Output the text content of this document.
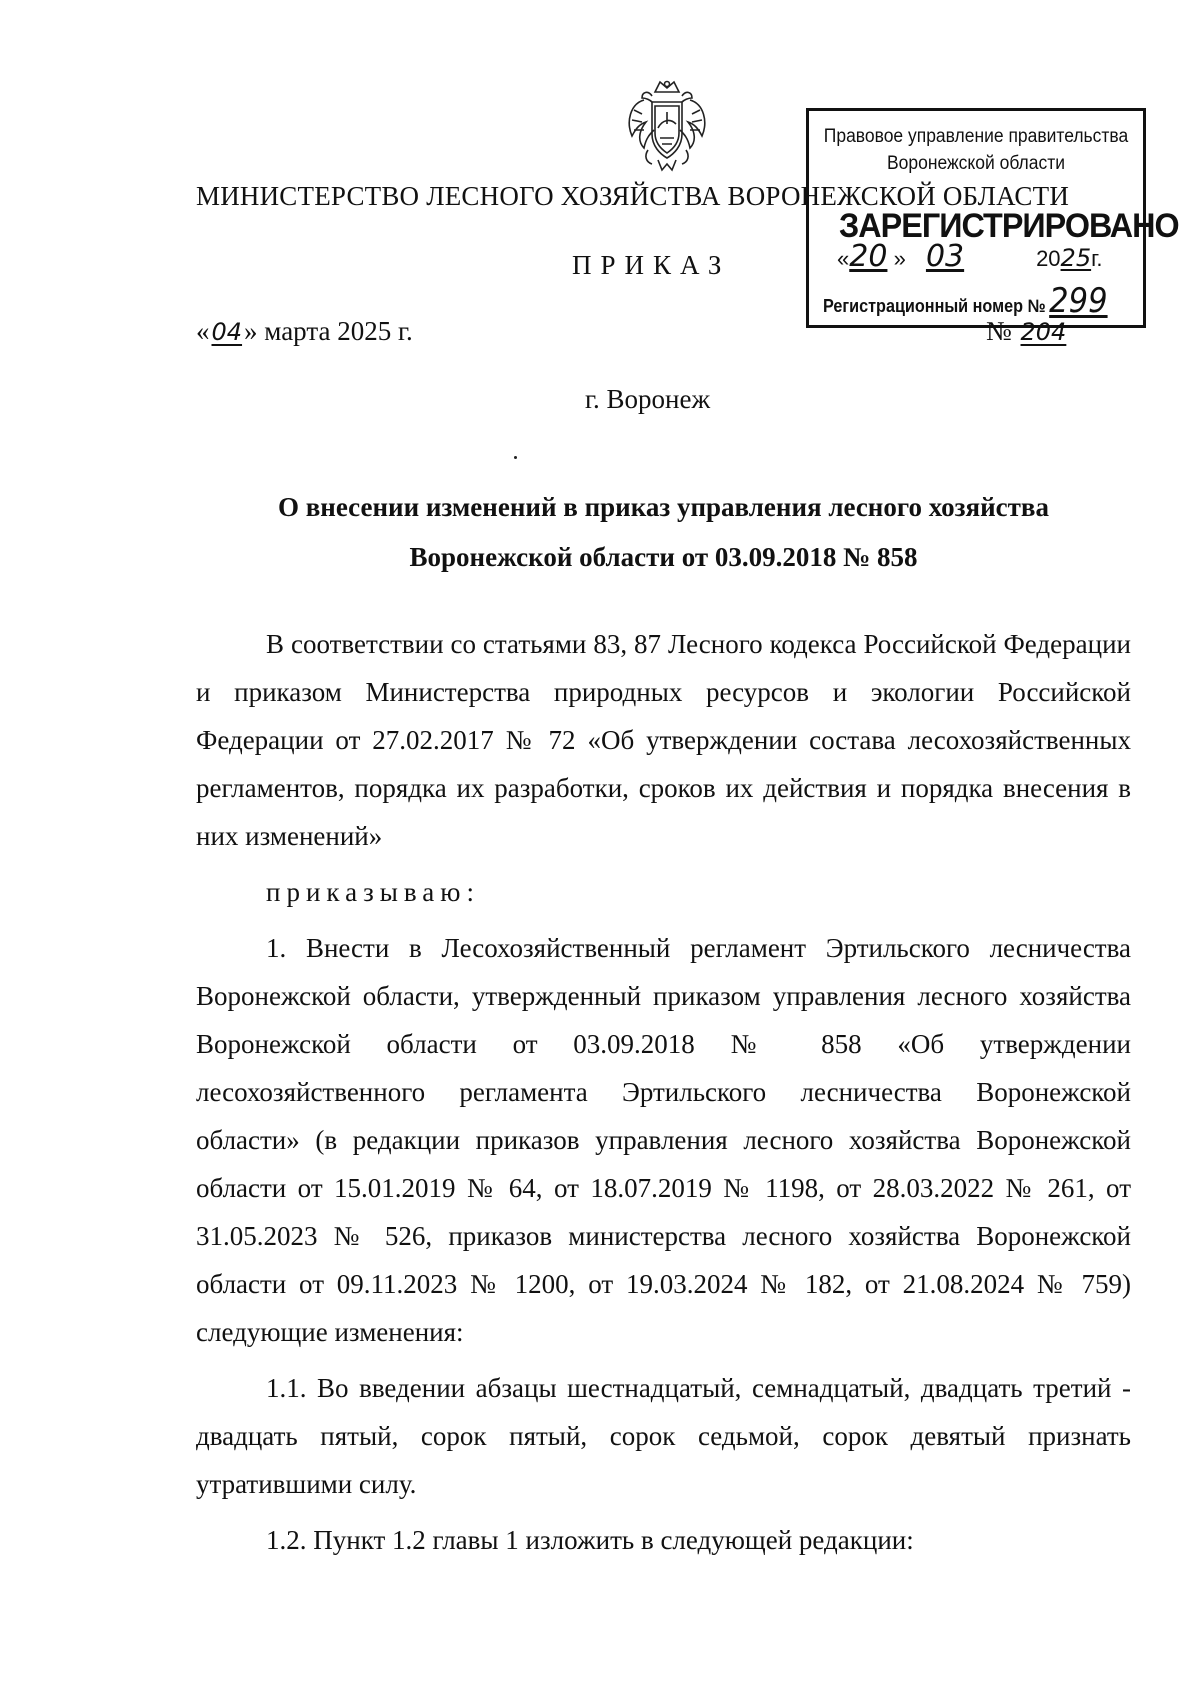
МИНИСТЕРСТВО ЛЕСНОГО ХОЗЯЙСТВА ВОРОНЕЖСКОЙ ОБЛАСТИ
ПРИКАЗ
«04» марта 2025 г.	№ 204
г. Воронеж
О внесении изменений в приказ управления лесного хозяйства
Воронежской области от 03.09.2018 № 858

В соответствии со статьями 83, 87 Лесного кодекса Российской Федерации и приказом Министерства природных ресурсов и экологии Российской Федерации от 27.02.2017 № 72 «Об утверждении состава лесохозяйственных регламентов, порядка их разработки, сроков их действия и порядка внесения в них изменений»

приказываю:

1. Внести в Лесохозяйственный регламент Эртильского лесничества Воронежской области, утвержденный приказом управления лесного хозяйства Воронежской области от 03.09.2018 № 858 «Об утверждении лесохозяйственного регламента Эртильского лесничества Воронежской области» (в редакции приказов управления лесного хозяйства Воронежской области от 15.01.2019 № 64, от 18.07.2019 № 1198, от 28.03.2022 № 261, от 31.05.2023 № 526, приказов министерства лесного хозяйства Воронежской области от 09.11.2023 № 1200, от 19.03.2024 № 182, от 21.08.2024 № 759) следующие изменения:

1.1. Во введении абзацы шестнадцатый, семнадцатый, двадцать третий - двадцать пятый, сорок пятый, сорок седьмой, сорок девятый признать утратившими силу.

1.2. Пункт 1.2 главы 1 изложить в следующей редакции:

Правовое управление правительства
Воронежской области
ЗАРЕГИСТРИРОВАНО
«20 » 03	2025г.
Регистрационный номер № 299
